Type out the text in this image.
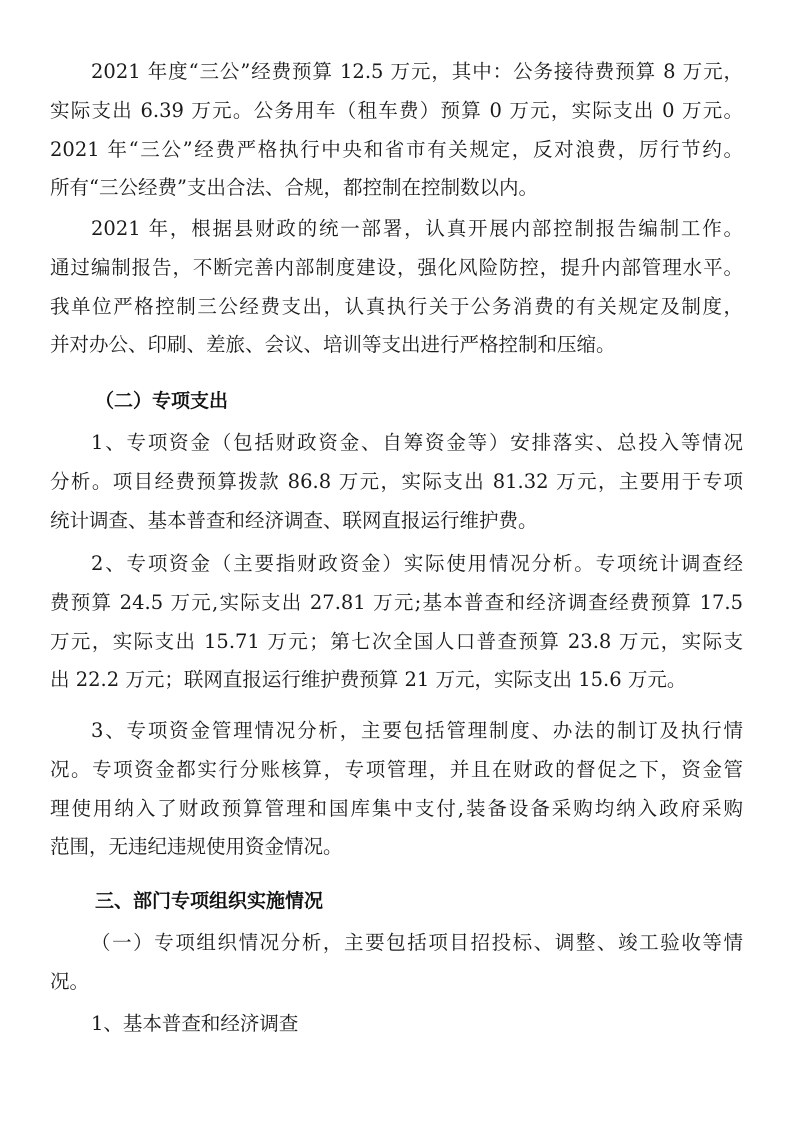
2021 年度“三公”经费预算 12.5 万元，其中：公务接待费预算 8 万元，
实际支出 6.39 万元。公务用车（租车费）预算 0 万元，实际支出 0 万元。
2021 年“三公”经费严格执行中央和省市有关规定，反对浪费，厉行节约。
所有“三公经费”支出合法、合规，都控制在控制数以内。
2021 年，根据县财政的统一部署，认真开展内部控制报告编制工作。
通过编制报告，不断完善内部制度建设，强化风险防控，提升内部管理水平。
我单位严格控制三公经费支出，认真执行关于公务消费的有关规定及制度，
并对办公、印刷、差旅、会议、培训等支出进行严格控制和压缩。
（二）专项支出
1、专项资金（包括财政资金、自筹资金等）安排落实、总投入等情况
分析。项目经费预算拨款 86.8 万元，实际支出 81.32 万元，主要用于专项
统计调查、基本普查和经济调查、联网直报运行维护费。
2、专项资金（主要指财政资金）实际使用情况分析。专项统计调查经
费预算 24.5 万元,实际支出 27.81 万元;基本普查和经济调查经费预算 17.5
万元，实际支出 15.71 万元；第七次全国人口普查预算 23.8 万元，实际支
出 22.2 万元；联网直报运行维护费预算 21 万元，实际支出 15.6 万元。
3、专项资金管理情况分析，主要包括管理制度、办法的制订及执行情
况。专项资金都实行分账核算，专项管理，并且在财政的督促之下，资金管
理使用纳入了财政预算管理和国库集中支付,装备设备采购均纳入政府采购
范围，无违纪违规使用资金情况。
三、部门专项组织实施情况
（一）专项组织情况分析，主要包括项目招投标、调整、竣工验收等情
况。
1、基本普查和经济调查
